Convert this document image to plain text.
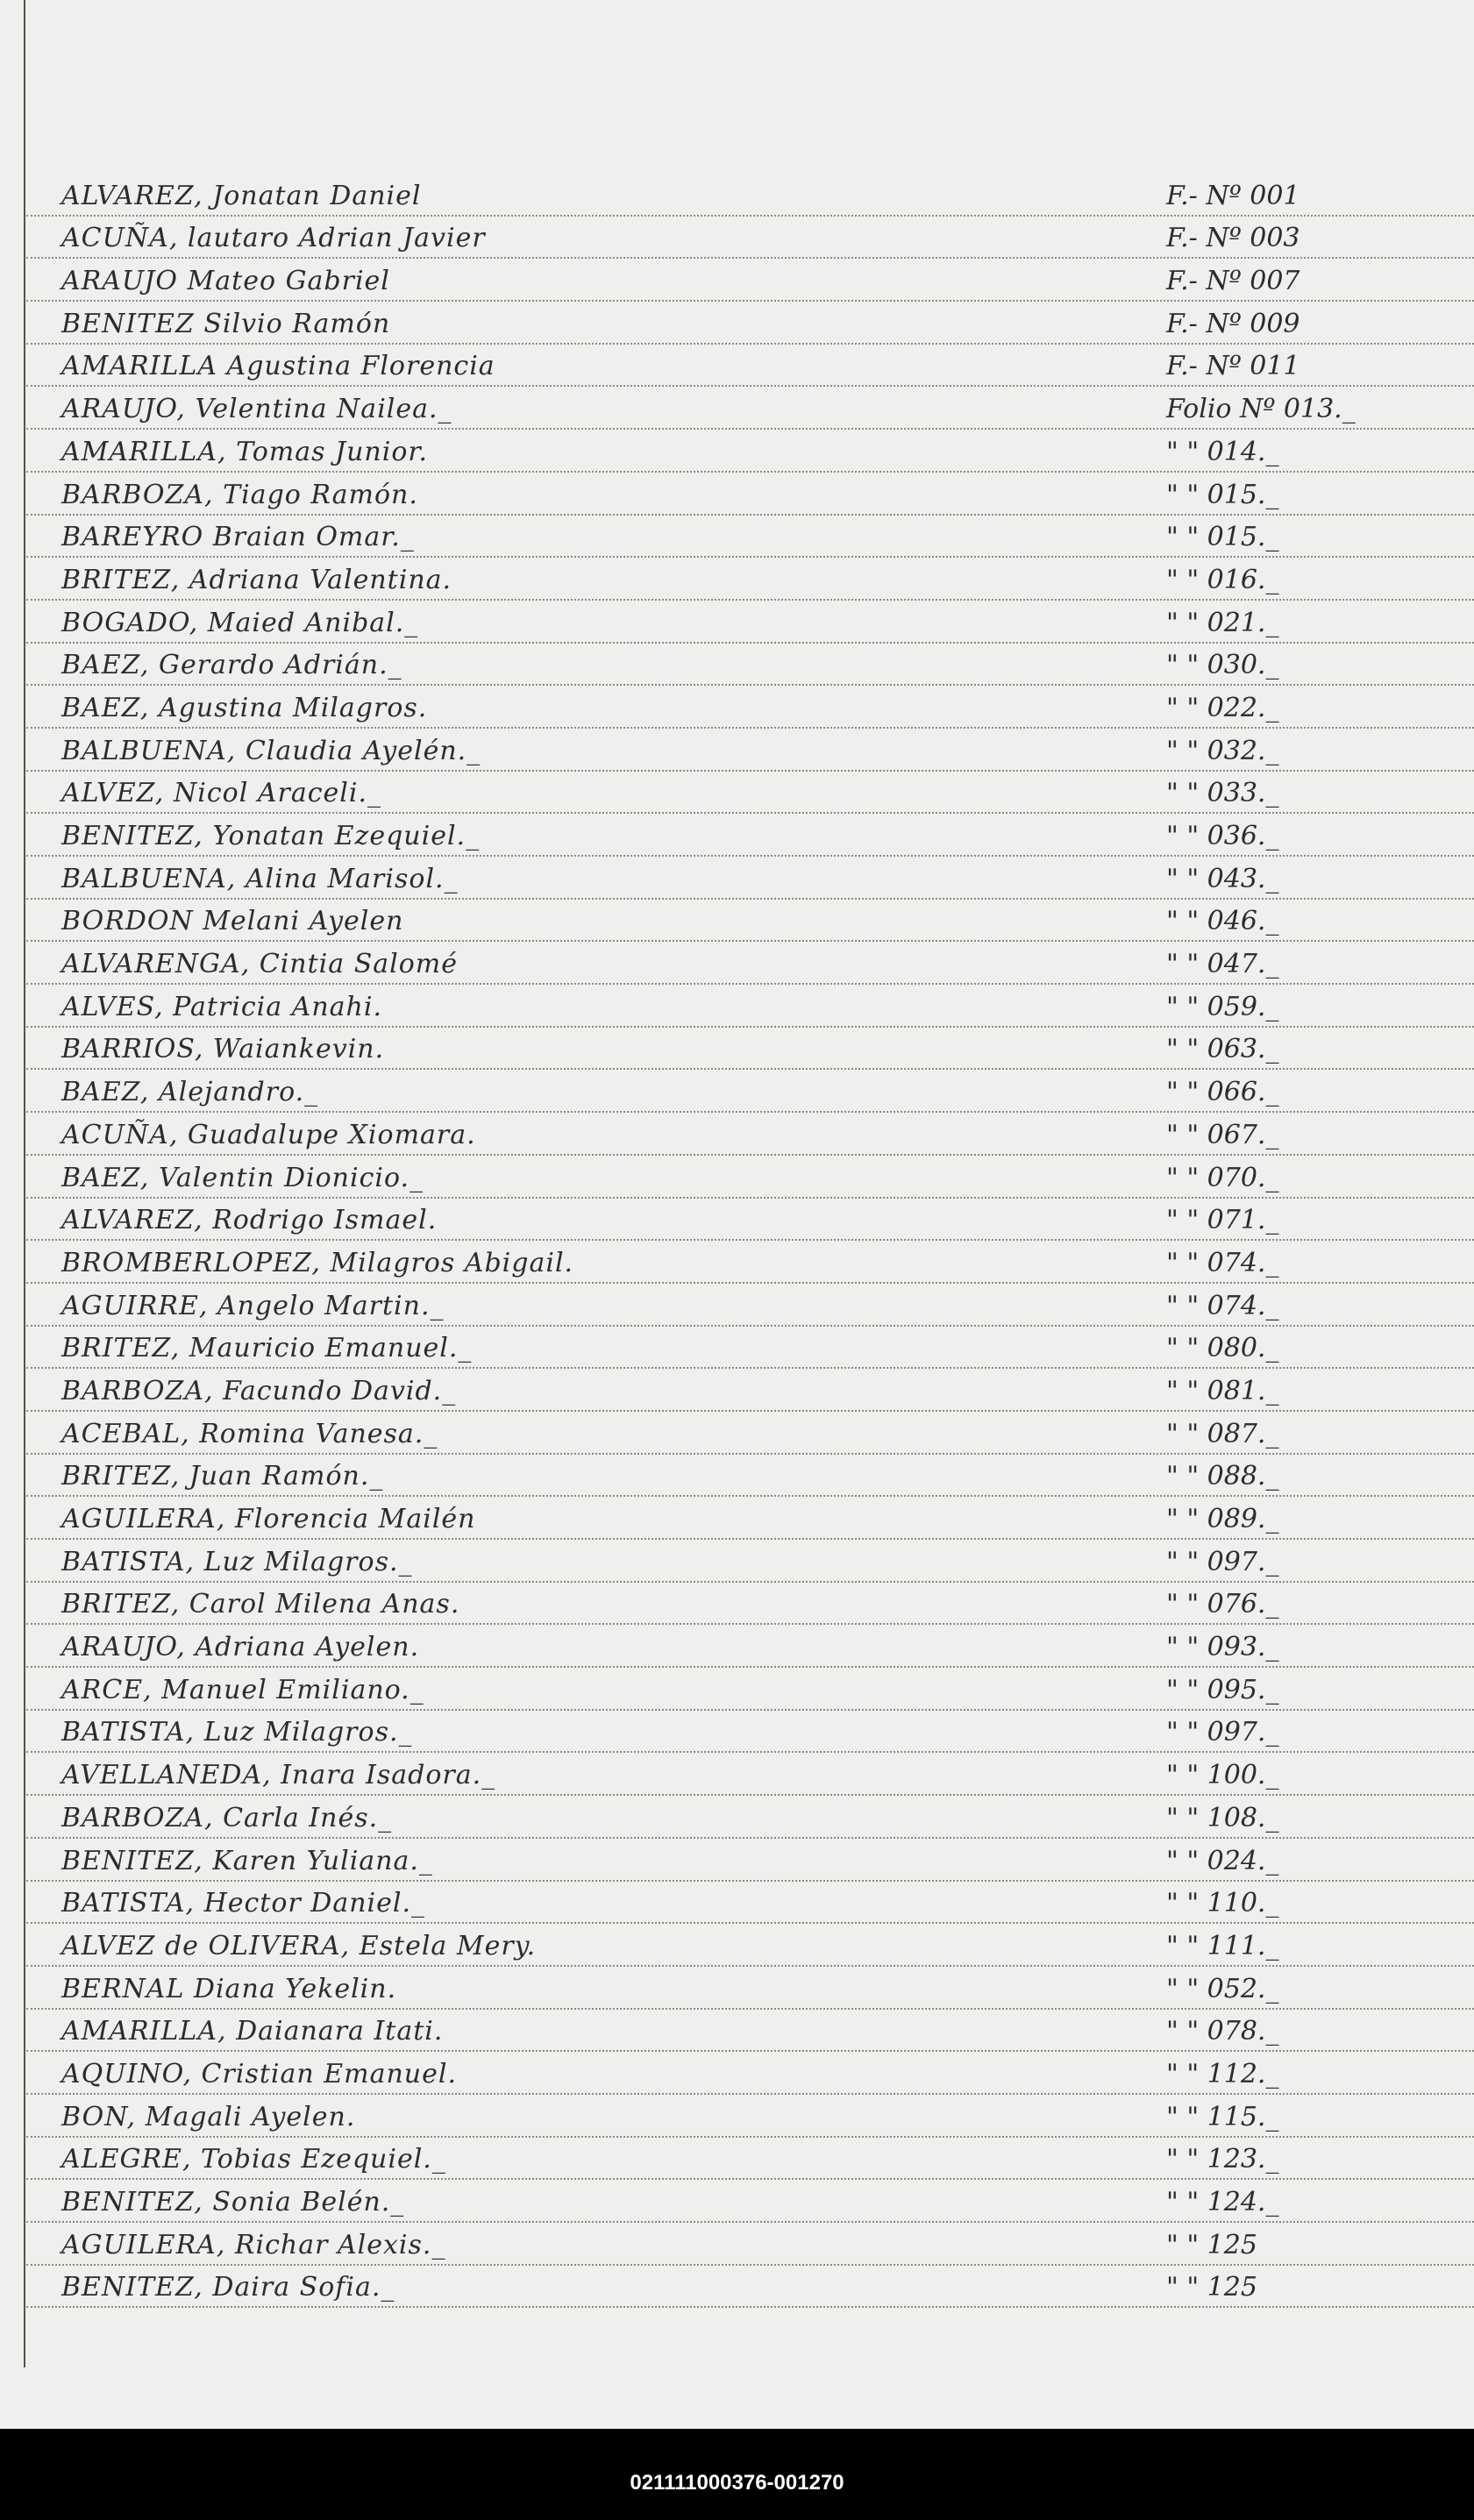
ALVAREZ, Jonatan Daniel	F.- Nº 001
ACUÑA, lautaro Adrian Javier	F.- Nº 003
ARAUJO Mateo Gabriel	F.- Nº 007
BENITEZ Silvio Ramón	F.- Nº 009
AMARILLA Agustina Florencia	F.- Nº 011
ARAUJO, Velentina Nailea._	Folio Nº 013._
AMARILLA, Tomas Junior.	" " 014._
BARBOZA, Tiago Ramón.	" " 015._
BAREYRO Braian Omar._	" " 015._
BRITEZ, Adriana Valentina.	" " 016._
BOGADO, Maied Anibal._	" " 021._
BAEZ, Gerardo Adrián._	" " 030._
BAEZ, Agustina Milagros.	" " 022._
BALBUENA, Claudia Ayelén._	" " 032._
ALVEZ, Nicol Araceli._	" " 033._
BENITEZ, Yonatan Ezequiel._	" " 036._
BALBUENA, Alina Marisol._	" " 043._
BORDON Melani Ayelen	" " 046._
ALVARENGA, Cintia Salomé	" " 047._
ALVES, Patricia Anahi.	" " 059._
BARRIOS, Waiankevin.	" " 063._
BAEZ, Alejandro._	" " 066._
ACUÑA, Guadalupe Xiomara.	" " 067._
BAEZ, Valentin Dionicio._	" " 070._
ALVAREZ, Rodrigo Ismael.	" " 071._
BROMBERLOPEZ, Milagros Abigail.	" " 074._
AGUIRRE, Angelo Martin._	" " 074._
BRITEZ, Mauricio Emanuel._	" " 080._
BARBOZA, Facundo David._	" " 081._
ACEBAL, Romina Vanesa._	" " 087._
BRITEZ, Juan Ramón._	" " 088._
AGUILERA, Florencia Mailén	" " 089._
BATISTA, Luz Milagros._	" " 097._
BRITEZ, Carol Milena Anas.	" " 076._
ARAUJO, Adriana Ayelen.	" " 093._
ARCE, Manuel Emiliano._	" " 095._
BATISTA, Luz Milagros._	" " 097._
AVELLANEDA, Inara Isadora._	" " 100._
BARBOZA, Carla Inés._	" " 108._
BENITEZ, Karen Yuliana._	" " 024._
BATISTA, Hector Daniel._	" " 110._
ALVEZ de OLIVERA, Estela Mery.	" " 111._
BERNAL Diana Yekelin.	" " 052._
AMARILLA, Daianara Itati.	" " 078._
AQUINO, Cristian Emanuel.	" " 112._
BON, Magali Ayelen.	" " 115._
ALEGRE, Tobias Ezequiel._	" " 123._
BENITEZ, Sonia Belén._	" " 124._
AGUILERA, Richar Alexis._	" " 125
BENITEZ, Daira Sofia._	" " 125
021111000376-001270
